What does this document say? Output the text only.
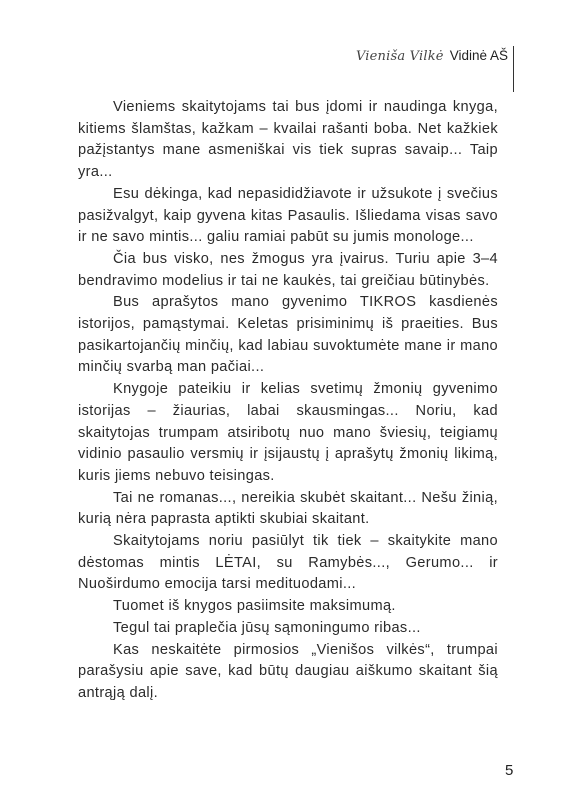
Vienišа Vilkė Vidinė AŠ

Vieniems skaitytojams tai bus įdomi ir naudinga knyga, kitiems šlamštas, kažkam – kvailai rašanti boba. Net kažkiek pažįstantys mane asmeniškai vis tiek supras savaip... Taip yra...

Esu dėkinga, kad nepasididžiavote ir užsukote į svečius pasižvalgyt, kaip gyvena kitas Pasaulis. Išliedama visas savo ir ne savo mintis... galiu ramiai pabūt su jumis monologe...

Čia bus visko, nes žmogus yra įvairus. Turiu apie 3–4 bendravimo modelius ir tai ne kaukės, tai greičiau būtinybės.

Bus aprašytos mano gyvenimo TIKROS kasdienės istorijos, pamąstymai. Keletas prisiminimų iš praeities. Bus pasikartojančių minčių, kad labiau suvoktumėte mane ir mano minčių svarbą man pačiai...

Knygoje pateikiu ir kelias svetimų žmonių gyvenimo istorijas – žiaurias, labai skausmingas... Noriu, kad skaitytojas trumpam atsiribotų nuo mano šviesių, teigiamų vidinio pasaulio versmių ir įsijaustų į aprašytų žmonių likimą, kuris jiems nebuvo teisingas.

Tai ne romanas..., nereikia skubėt skaitant... Nešu žinią, kurią nėra paprasta aptikti skubiai skaitant.

Skaitytojams noriu pasiūlyt tik tiek – skaitykite mano dėstomas mintis LĖTAI, su Ramybės..., Gerumo... ir Nuoširdumo emocija tarsi medituodami...

Tuomet iš knygos pasiimsite maksimumą.

Tegul tai praplečia jūsų sąmoningumo ribas...

Kas neskaitėte pirmosios „Vienišos vilkės“, trumpai parašysiu apie save, kad būtų daugiau aiškumo skaitant šią antrąją dalį.

5
